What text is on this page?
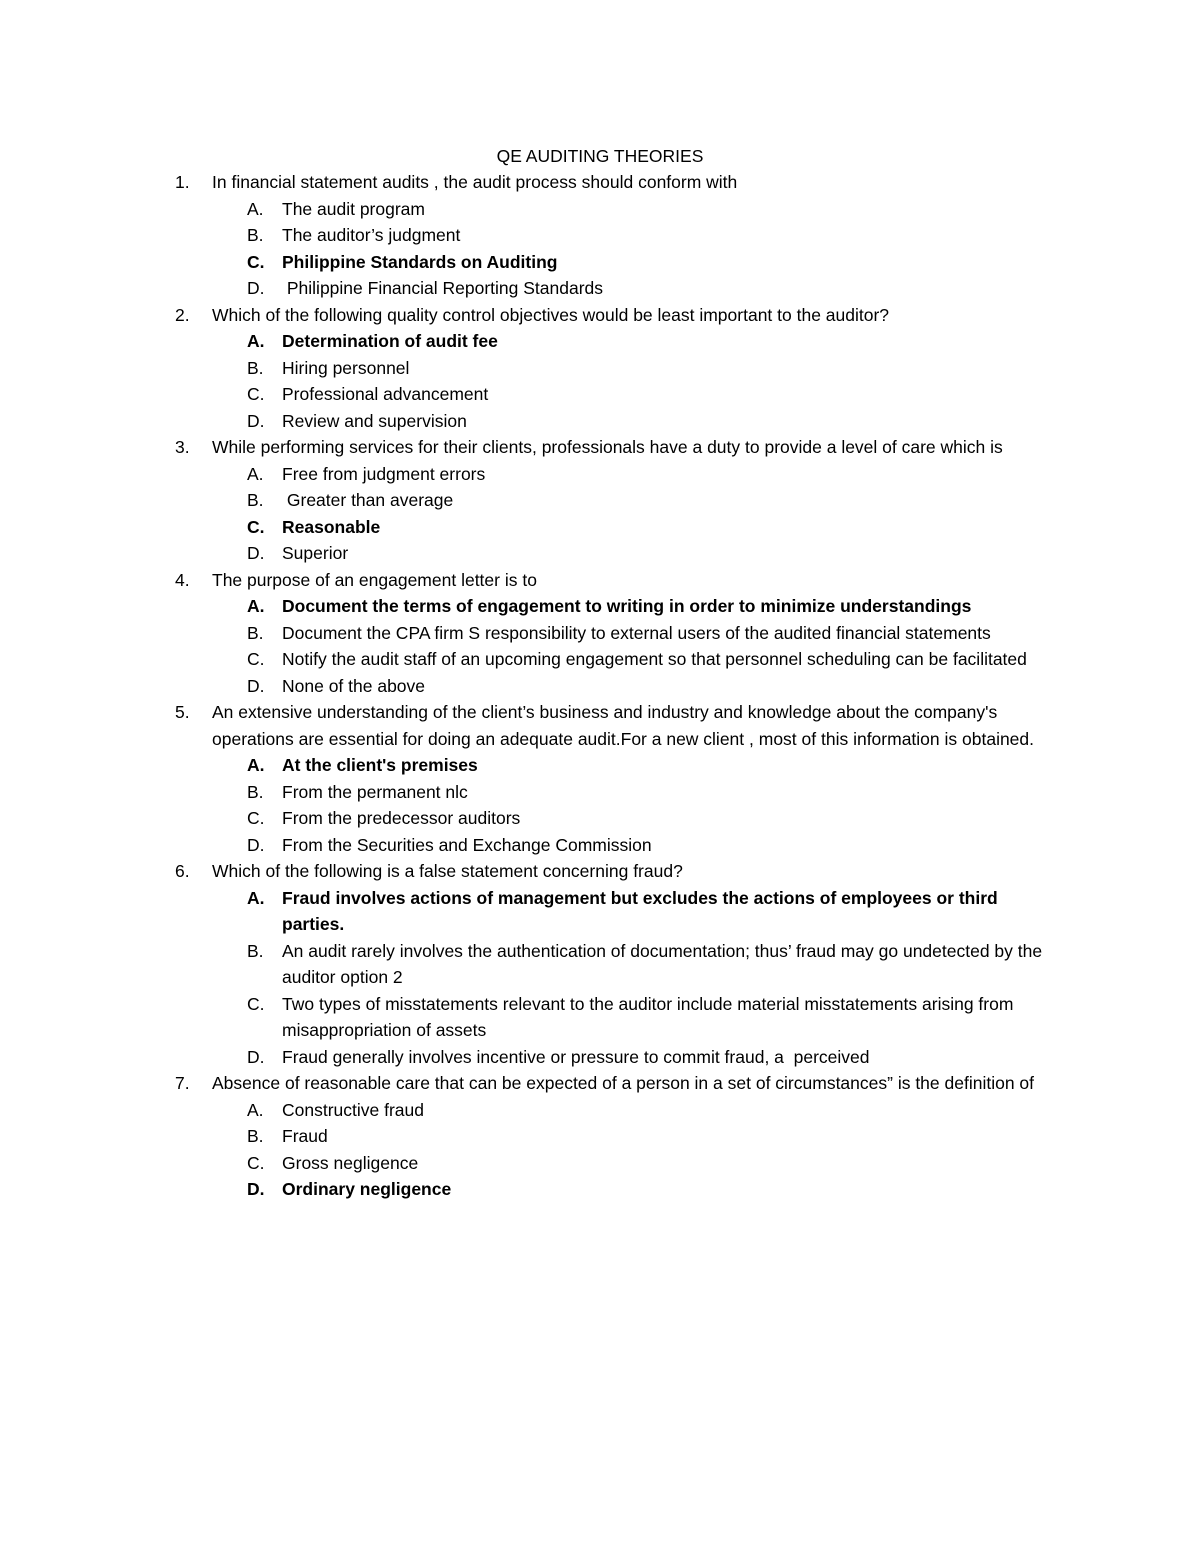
QE AUDITING THEORIES
1. In financial statement audits , the audit process should conform with
A. The audit program
B. The auditor’s judgment
C. Philippine Standards on Auditing
D. Philippine Financial Reporting Standards
2. Which of the following quality control objectives would be least important to the auditor?
A. Determination of audit fee
B. Hiring personnel
C. Professional advancement
D. Review and supervision
3. While performing services for their clients, professionals have a duty to provide a level of care which is
A. Free from judgment errors
B. Greater than average
C. Reasonable
D. Superior
4. The purpose of an engagement letter is to
A. Document the terms of engagement to writing in order to minimize understandings
B. Document the CPA firm S responsibility to external users of the audited financial statements
C. Notify the audit staff of an upcoming engagement so that personnel scheduling can be facilitated
D. None of the above
5. An extensive understanding of the client’s business and industry and knowledge about the company's operations are essential for doing an adequate audit.For a new client , most of this information is obtained.
A. At the client's premises
B. From the permanent nlc
C. From the predecessor auditors
D. From the Securities and Exchange Commission
6. Which of the following is a false statement concerning fraud?
A. Fraud involves actions of management but excludes the actions of employees or third parties.
B. An audit rarely involves the authentication of documentation; thus’ fraud may go undetected by the auditor option 2
C. Two types of misstatements relevant to the auditor include material misstatements arising from misappropriation of assets
D. Fraud generally involves incentive or pressure to commit fraud, a  perceived
7. Absence of reasonable care that can be expected of a person in a set of circumstances” is the definition of
A. Constructive fraud
B. Fraud
C. Gross negligence
D. Ordinary negligence
